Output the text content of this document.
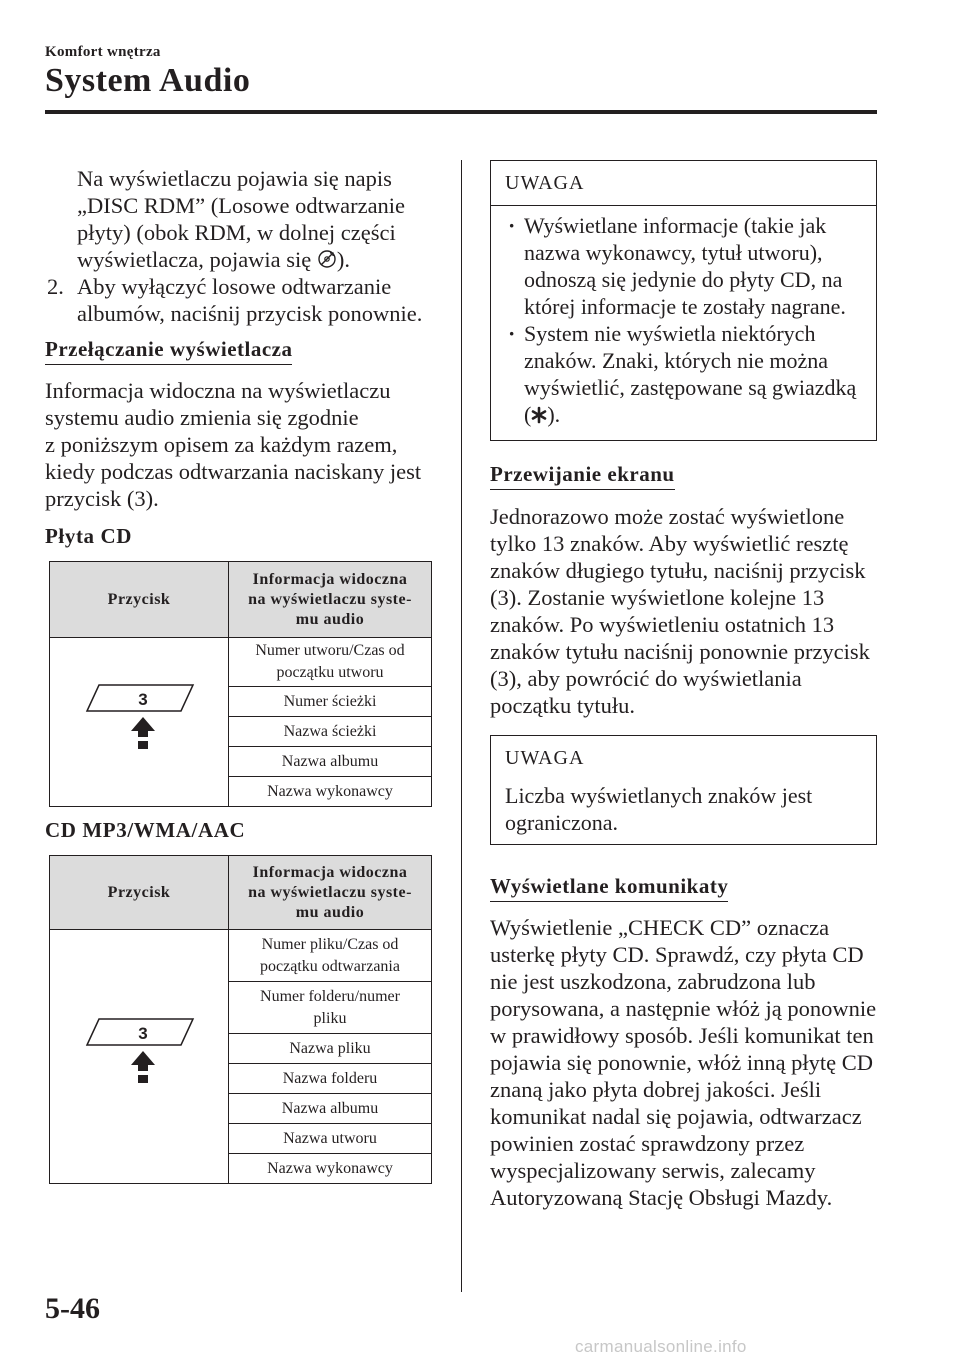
Komfort wnętrza
System Audio
Na wyświetlaczu pojawia się napis
„DISC RDM” (Losowe odtwarzanie
płyty) (obok RDM, w dolnej części
wyświetlacza, pojawia się ).
2. Aby wyłączyć losowe odtwarzanie
albumów, naciśnij przycisk ponownie.
Przełączanie wyświetlacza
Informacja widoczna na wyświetlaczu
systemu audio zmienia się zgodnie
z poniższym opisem za każdym razem,
kiedy podczas odtwarzania naciskany jest
przycisk (3).
Płyta CD
Przycisk	Informacja widoczna
na wyświetlaczu syste-
mu audio

3	Numer utworu/Czas od
początku utworu

	Numer ścieżki
	Nazwa ścieżki
	Nazwa albumu
	Nazwa wykonawcy
CD MP3/WMA/AAC
Przycisk	Informacja widoczna
na wyświetlaczu syste-
mu audio

3	Numer pliku/Czas od
początku odtwarzania

	Numer folderu/numer
pliku

	Nazwa pliku
	Nazwa folderu
	Nazwa albumu
	Nazwa utworu
	Nazwa wykonawcy
UWAGA
· Wyświetlane informacje (takie jak
nazwa wykonawcy, tytuł utworu),
odnoszą się jedynie do płyty CD, na
której informacje te zostały nagrane.
· System nie wyświetla niektórych
znaków. Znaki, których nie można
wyświetlić, zastępowane są gwiazdką
( ).
Przewijanie ekranu
Jednorazowo może zostać wyświetlone
tylko 13 znaków. Aby wyświetlić resztę
znaków długiego tytułu, naciśnij przycisk
(3). Zostanie wyświetlone kolejne 13
znaków. Po wyświetleniu ostatnich 13
znaków tytułu naciśnij ponownie przycisk
(3), aby powrócić do wyświetlania
początku tytułu.
UWAGA
Liczba wyświetlanych znaków jest
ograniczona.
Wyświetlane komunikaty
Wyświetlenie „CHECK CD” oznacza
usterkę płyty CD. Sprawdź, czy płyta CD
nie jest uszkodzona, zabrudzona lub
porysowana, a następnie włóż ją ponownie
w prawidłowy sposób. Jeśli komunikat ten
pojawia się ponownie, włóż inną płytę CD
znaną jako płyta dobrej jakości. Jeśli
komunikat nadal się pojawia, odtwarzacz
powinien zostać sprawdzony przez
wyspecjalizowany serwis, zalecamy
Autoryzowaną Stację Obsługi Mazdy.
5-46
carmanualsonline.info
